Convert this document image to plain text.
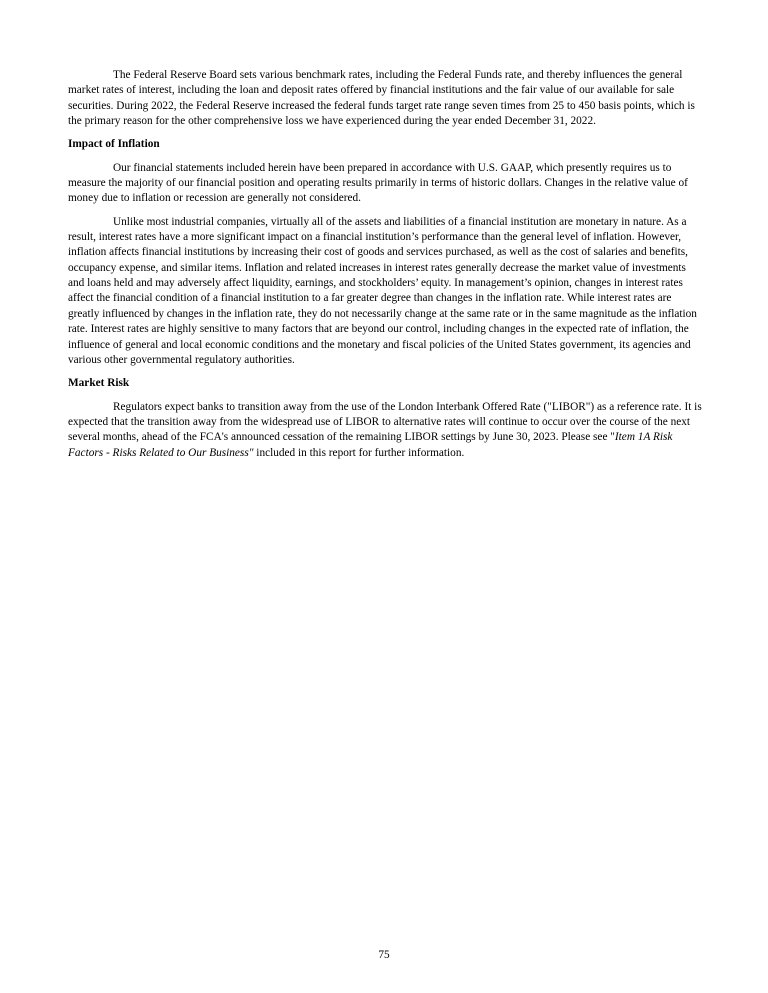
The Federal Reserve Board sets various benchmark rates, including the Federal Funds rate, and thereby influences the general market rates of interest, including the loan and deposit rates offered by financial institutions and the fair value of our available for sale securities. During 2022, the Federal Reserve increased the federal funds target rate range seven times from 25 to 450 basis points, which is the primary reason for the other comprehensive loss we have experienced during the year ended December 31, 2022.

Impact of Inflation

Our financial statements included herein have been prepared in accordance with U.S. GAAP, which presently requires us to measure the majority of our financial position and operating results primarily in terms of historic dollars. Changes in the relative value of money due to inflation or recession are generally not considered.

Unlike most industrial companies, virtually all of the assets and liabilities of a financial institution are monetary in nature. As a result, interest rates have a more significant impact on a financial institution’s performance than the general level of inflation. However, inflation affects financial institutions by increasing their cost of goods and services purchased, as well as the cost of salaries and benefits, occupancy expense, and similar items. Inflation and related increases in interest rates generally decrease the market value of investments and loans held and may adversely affect liquidity, earnings, and stockholders’ equity. In management’s opinion, changes in interest rates affect the financial condition of a financial institution to a far greater degree than changes in the inflation rate. While interest rates are greatly influenced by changes in the inflation rate, they do not necessarily change at the same rate or in the same magnitude as the inflation rate. Interest rates are highly sensitive to many factors that are beyond our control, including changes in the expected rate of inflation, the influence of general and local economic conditions and the monetary and fiscal policies of the United States government, its agencies and various other governmental regulatory authorities.

Market Risk

Regulators expect banks to transition away from the use of the London Interbank Offered Rate ("LIBOR") as a reference rate. It is expected that the transition away from the widespread use of LIBOR to alternative rates will continue to occur over the course of the next several months, ahead of the FCA's announced cessation of the remaining LIBOR settings by June 30, 2023. Please see "Item 1A Risk Factors - Risks Related to Our Business" included in this report for further information.

75
